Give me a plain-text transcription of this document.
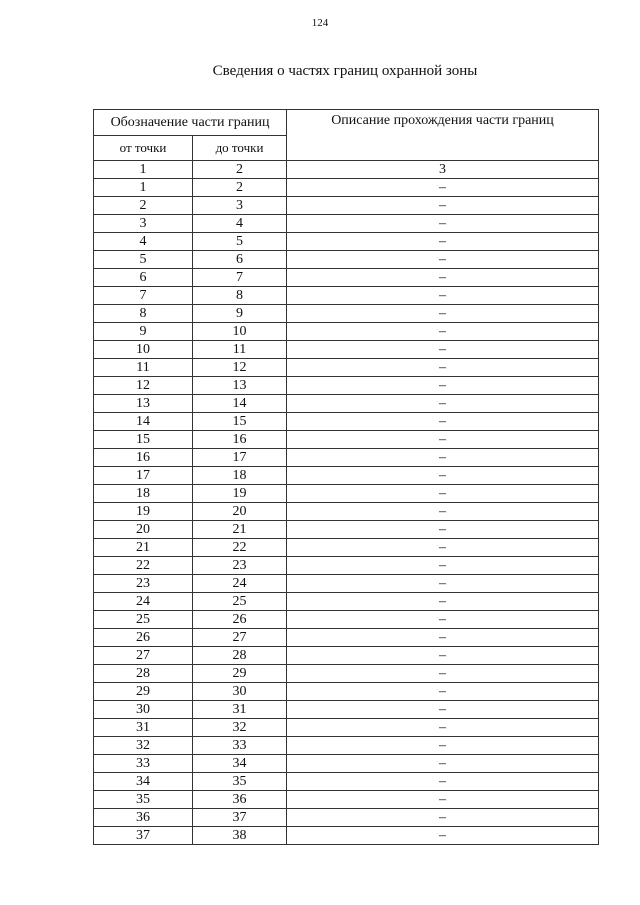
124
Сведения о частях границ охранной зоны
Обозначение части границ		Описание прохождения части границ
от точки	до точки	
1	2	3
1	2	–
2	3	–
3	4	–
4	5	–
5	6	–
6	7	–
7	8	–
8	9	–
9	10	–
10	11	–
11	12	–
12	13	–
13	14	–
14	15	–
15	16	–
16	17	–
17	18	–
18	19	–
19	20	–
20	21	–
21	22	–
22	23	–
23	24	–
24	25	–
25	26	–
26	27	–
27	28	–
28	29	–
29	30	–
30	31	–
31	32	–
32	33	–
33	34	–
34	35	–
35	36	–
36	37	–
37	38	–
